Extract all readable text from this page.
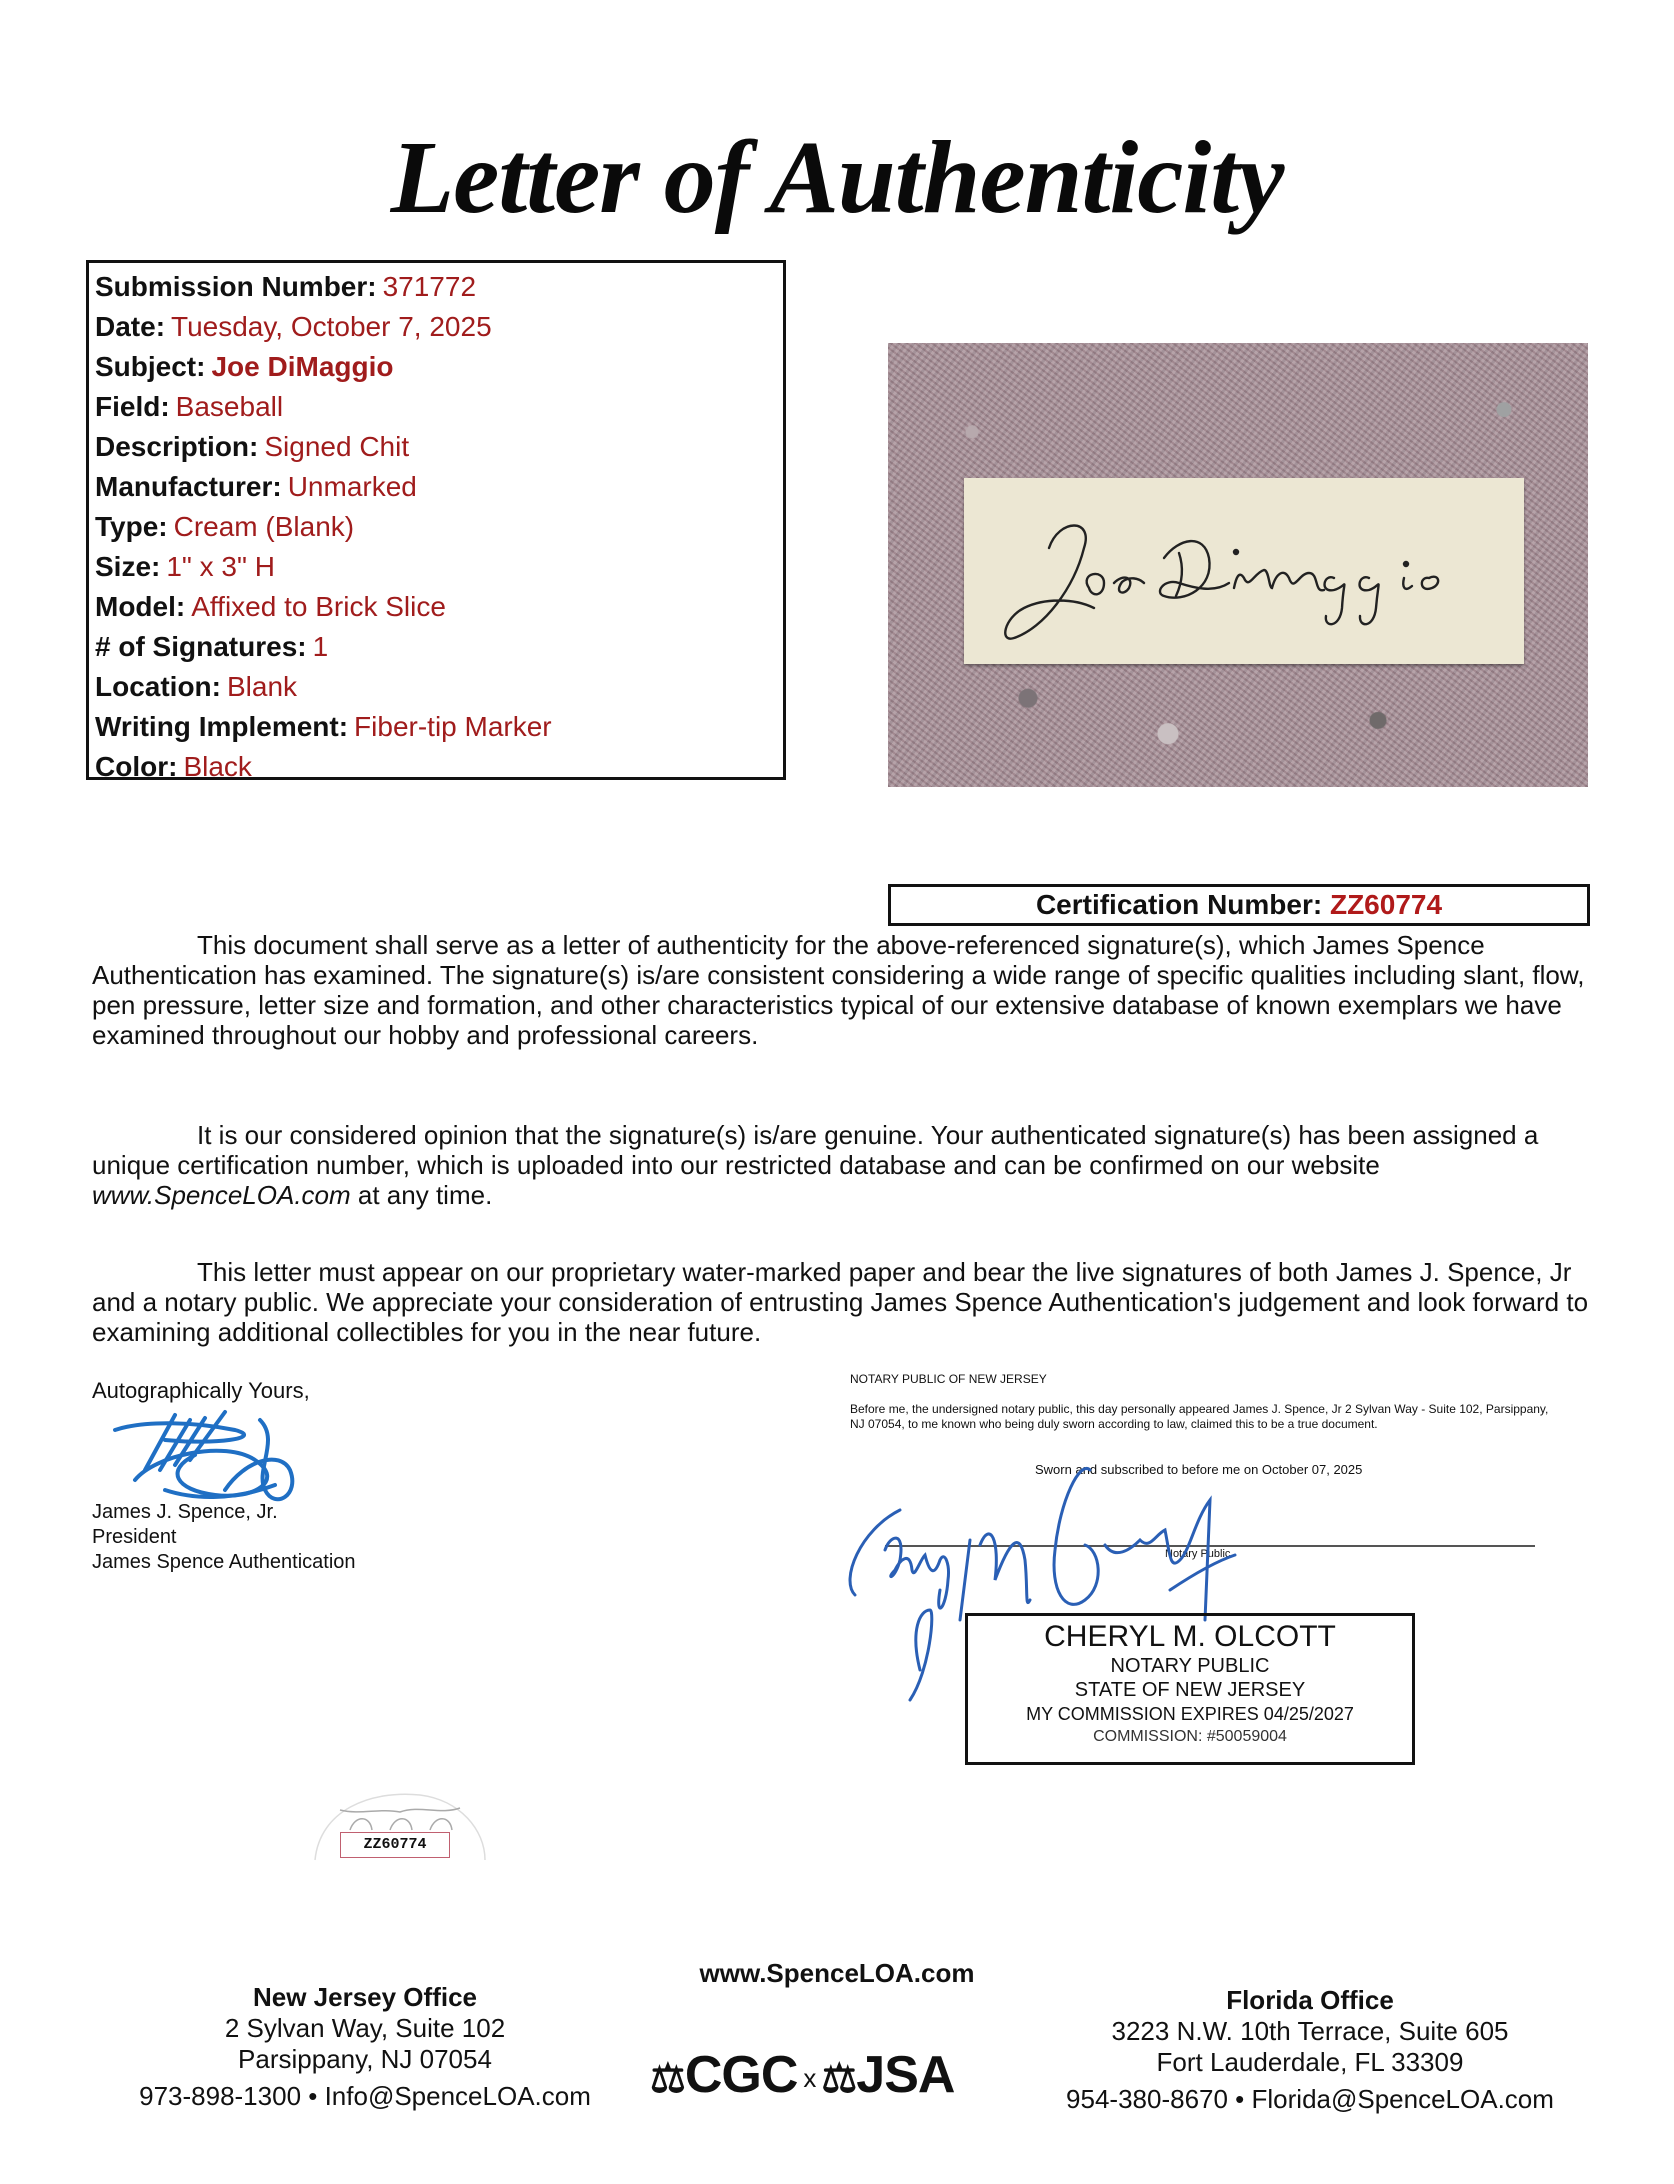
Letter of Authenticity
Submission Number: 371772
Date: Tuesday, October 7, 2025
Subject: Joe DiMaggio
Field: Baseball
Description: Signed Chit
Manufacturer: Unmarked
Type: Cream (Blank)
Size: 1" x 3" H
Model: Affixed to Brick Slice
# of Signatures: 1
Location: Blank
Writing Implement: Fiber-tip Marker
Color: Black
Certification Number: ZZ60774
This document shall serve as a letter of authenticity for the above-referenced signature(s), which James Spence Authentication has examined. The signature(s) is/are consistent considering a wide range of specific qualities including slant, flow, pen pressure, letter size and formation, and other characteristics typical of our extensive database of known exemplars we have examined throughout our hobby and professional careers.
It is our considered opinion that the signature(s) is/are genuine. Your authenticated signature(s) has been assigned a unique certification number, which is uploaded into our restricted database and can be confirmed on our website www.SpenceLOA.com at any time.
This letter must appear on our proprietary water-marked paper and bear the live signatures of both James J. Spence, Jr and a notary public. We appreciate your consideration of entrusting James Spence Authentication's judgement and look forward to examining additional collectibles for you in the near future.
Autographically Yours,
James J. Spence, Jr.
President
James Spence Authentication
NOTARY PUBLIC OF NEW JERSEY
Before me, the undersigned notary public, this day personally appeared James J. Spence, Jr 2 Sylvan Way - Suite 102, Parsippany, NJ 07054, to me known who being duly sworn according to law, claimed this to be a true document.
Sworn and subscribed to before me on October 07, 2025
Notary Public
CHERYL M. OLCOTT
NOTARY PUBLIC
STATE OF NEW JERSEY
MY COMMISSION EXPIRES 04/25/2027
COMMISSION: #50059004
ZZ60774
www.SpenceLOA.com
New Jersey Office
2 Sylvan Way, Suite 102
Parsippany, NJ 07054
973-898-1300 • Info@SpenceLOA.com	⚖CGC x ⚖JSA
Florida Office
3223 N.W. 10th Terrace, Suite 605
Fort Lauderdale, FL 33309
954-380-8670 • Florida@SpenceLOA.com
